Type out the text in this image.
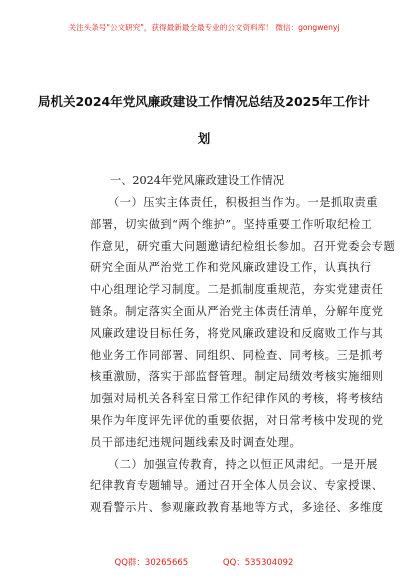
关注头条号"公文研究"，获得最新最全最专业的公文资料库！ 微信：gongwenyj
局机关2024年党风廉政建设工作情况总结及2025年工作计
划
一、2024年党风廉政建设工作情况
（一）压实主体责任，积极担当作为。一是抓取责重
部署，切实做到“两个维护”。坚持重要工作听取纪检工
作意见，研究重大问题邀请纪检组长参加。召开党委会专题
研究全面从严治党工作和党风廉政建设工作，认真执行
中心组理论学习制度。二是抓制度重规范，夯实党建责任
链条。制定落实全面从严治党主体责任清单，分解年度党
风廉政建设目标任务，将党风廉政建设和反腐败工作与其
他业务工作同部署、同组织、同检查、同考核。三是抓考
核重激励，落实于部监督管理。制定局绩效考核实施细则
加强对局机关各科室日常工作纪律作风的考核，将考核结
果作为年度评先评优的重要依据，对日常考核中发现的党
员干部违纪违规问题线索及时调查处理。
（二）加强宣传教育，持之以恒正风肃纪。一是开展
纪律教育专题辅导。通过召开全体人员会议、专家授课、
观看警示片、参观廉政教育基地等方式，多途径、多维度
QQ群：30265665	QQ：535304092
